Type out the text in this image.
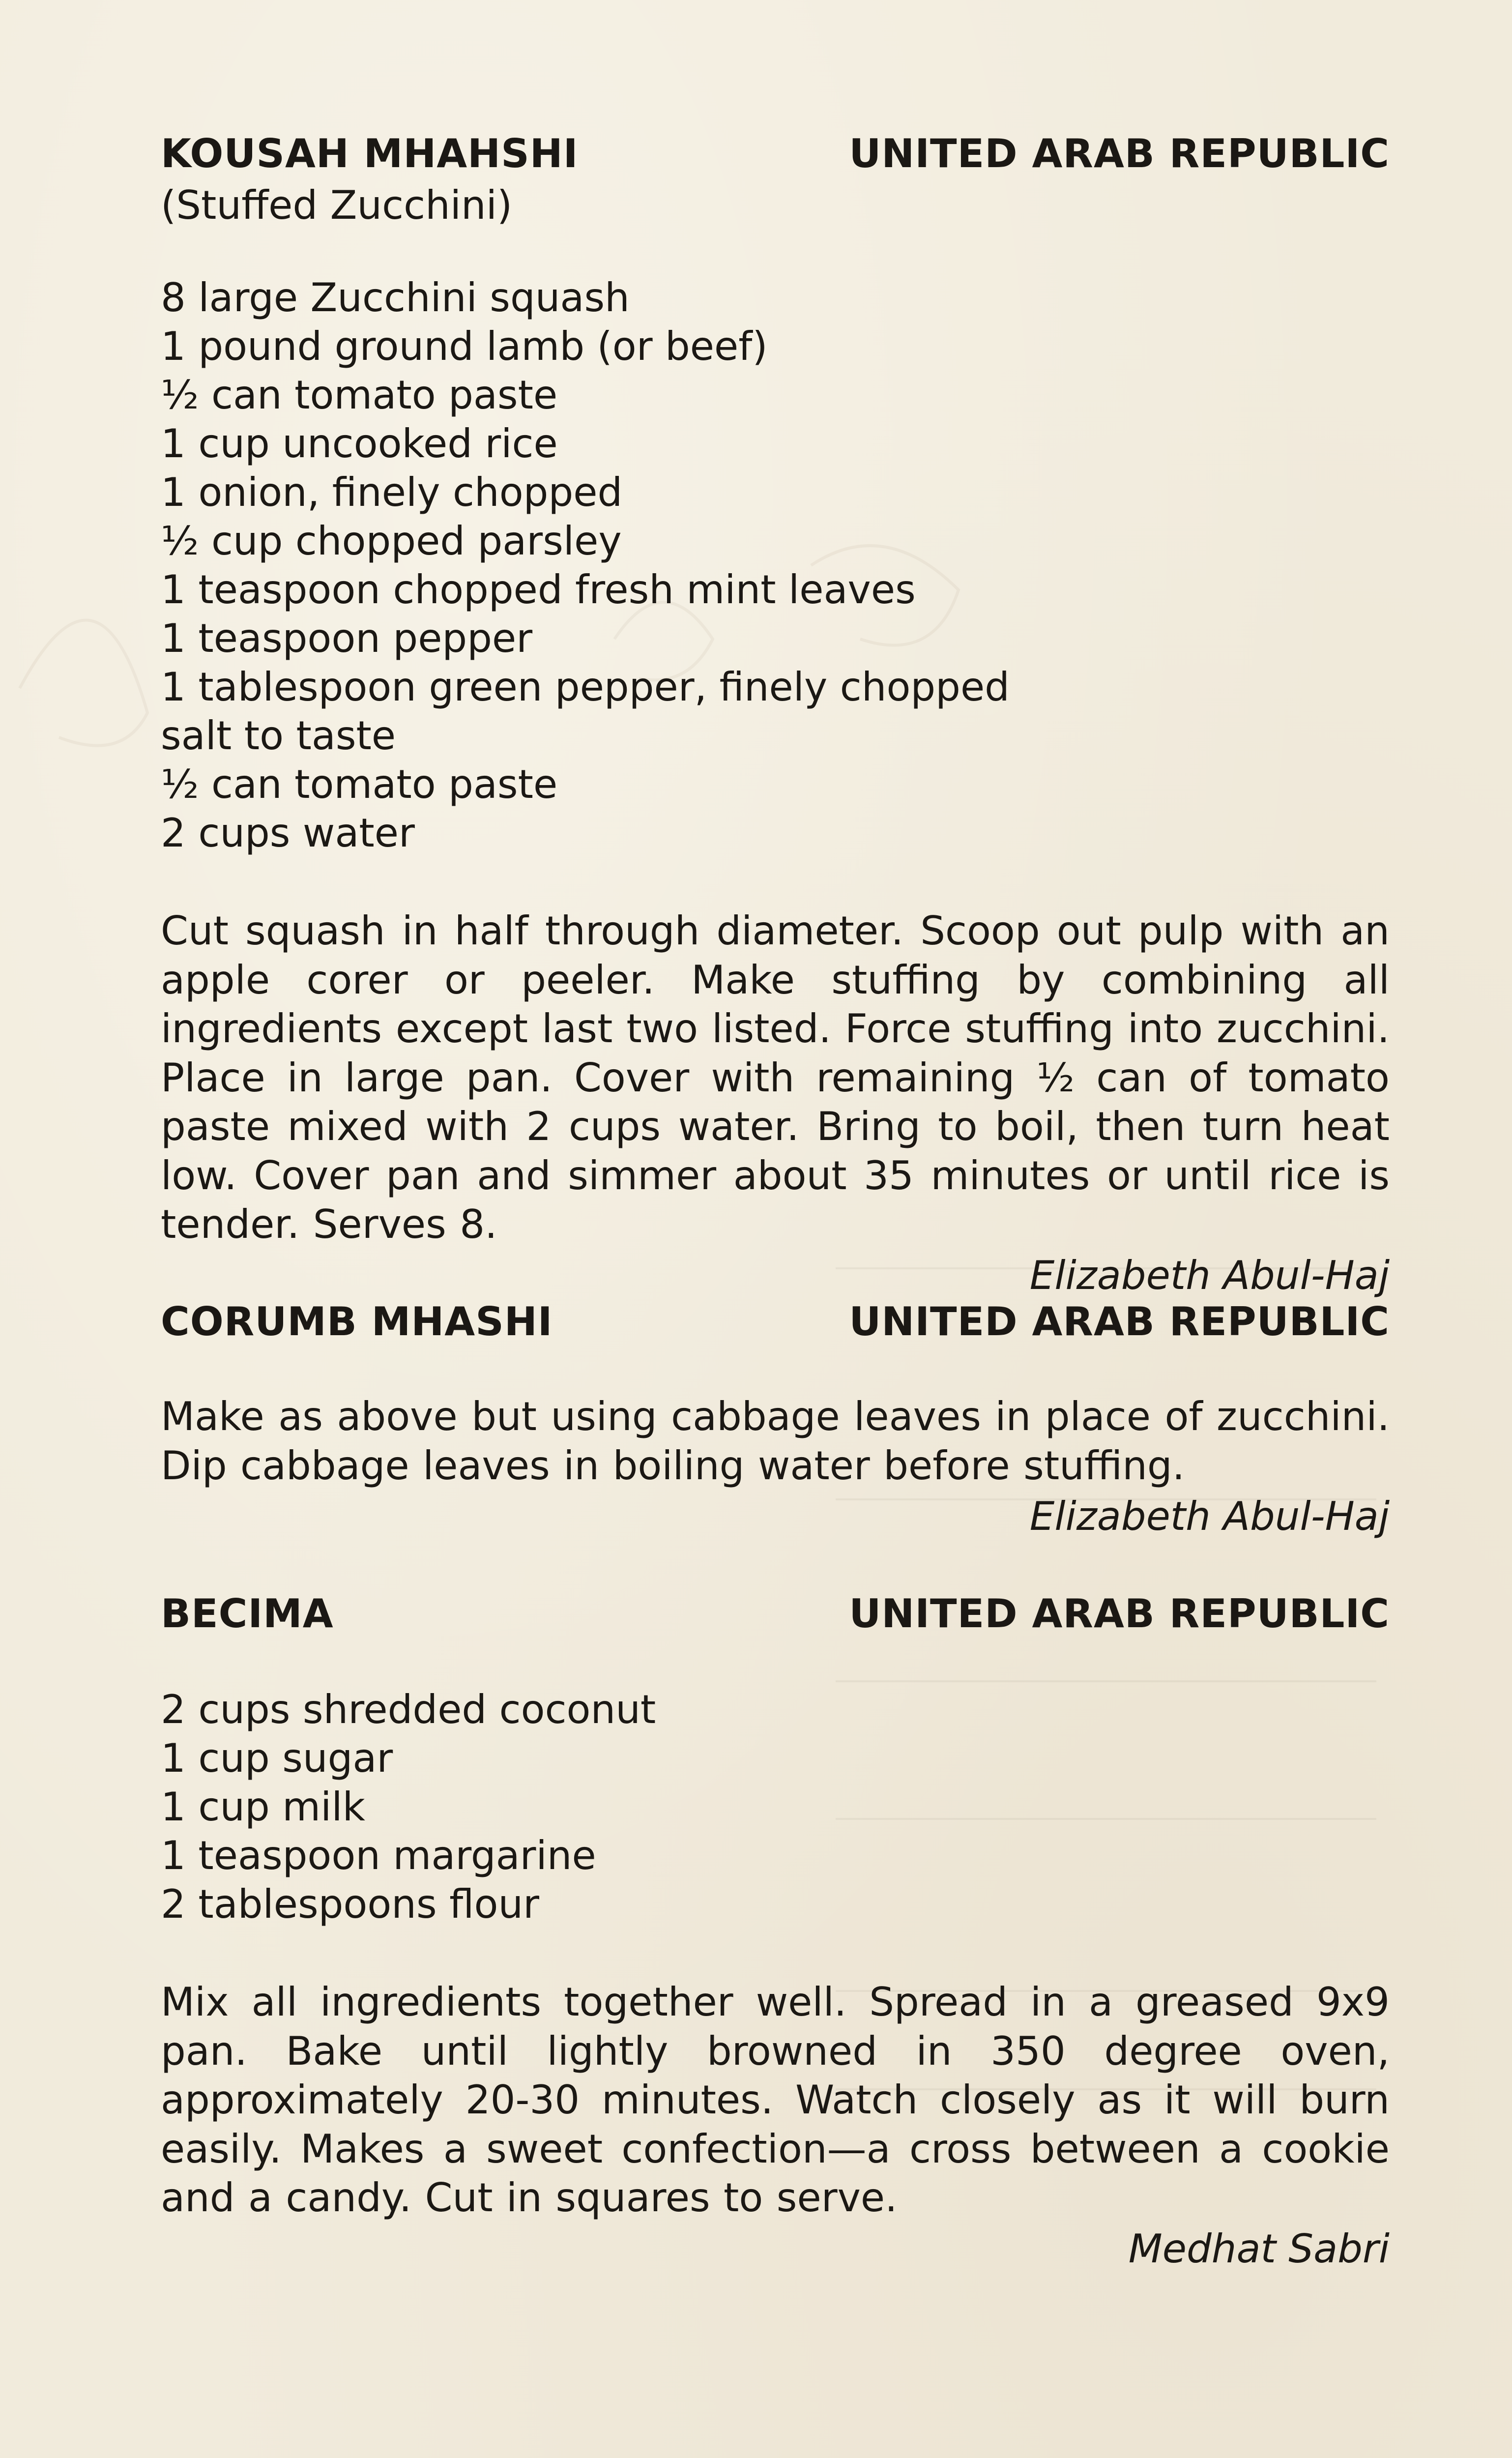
KOUSAH MHAHSHI	UNITED ARAB REPUBLIC
(Stuffed Zucchini)
8 large Zucchini squash
1 pound ground lamb (or beef)
½ can tomato paste
1 cup uncooked rice
1 onion, finely chopped
½ cup chopped parsley
1 teaspoon chopped fresh mint leaves
1 teaspoon pepper
1 tablespoon green pepper, finely chopped
salt to taste
½ can tomato paste
2 cups water

Cut squash in half through diameter. Scoop out pulp with an apple corer or peeler. Make stuffing by combining all ingredients except last two listed. Force stuffing into zucchini. Place in large pan. Cover with remaining ½ can of tomato paste mixed with 2 cups water. Bring to boil, then turn heat low. Cover pan and simmer about 35 minutes or until rice is tender. Serves 8.

Elizabeth Abul-Haj
CORUMB MHASHI	UNITED ARAB REPUBLIC

Make as above but using cabbage leaves in place of zucchini. Dip cabbage leaves in boiling water before stuffing.

Elizabeth Abul-Haj
BECIMA	UNITED ARAB REPUBLIC
2 cups shredded coconut
1 cup sugar
1 cup milk
1 teaspoon margarine
2 tablespoons flour

Mix all ingredients together well. Spread in a greased 9x9 pan. Bake until lightly browned in 350 degree oven, approximately 20-30 minutes. Watch closely as it will burn easily. Makes a sweet confection—a cross between a cookie and a candy. Cut in squares to serve.

Medhat Sabri
